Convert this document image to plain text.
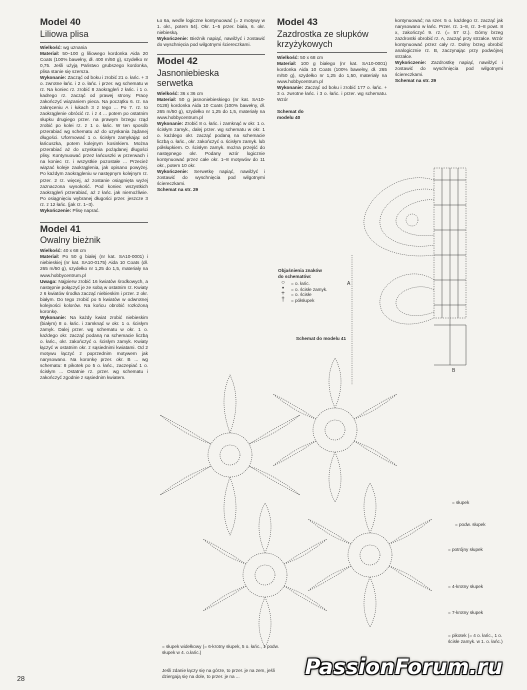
Model 40
Liliowa plisa

Wielkość: wg uznania

Materiał: 50–100 g liliowego kordonka Aida 20 Coats (100% bawełny, dł. 400 m/50 g), szydełko nr 0,75. Jeśli użyją Państwo grubszego kordonka, plisa stanie się szersza.

Wykonanie: Zacząć od boku i zrobić 21 o. łańc. + 3 o. zwrotne łańc. i 2 o. łańc. i przer. wg schematu w rz. Na koniec rz. zrobić 8 zaokrągleń z łańc. i 1 o. kadrego rz. zacząć od prawej strony. Pracę zakończyć wiązaniem pieca. Na początku 6. rz. na zakręceniu A i łukach 3 z tego ... Po 7. rz. to zaokrąglenie obrócić rz. i z 4 ... potem po ostatnim słupku drugiego przer. na prawym brzegu rząd zrobić po kolei rz. z 1 o. łańc. W ten sposób przerabiać wg schematu aż do uzyskania żądanej długości. Uformować 1 o. ścisłym zamykając od łańcuszka, potem kolejnym kosinkiem. Można przerabiać aż do uzyskania pożądanej długości plisy. Kontynuować przez łańcuszki w przerwach i na koniec rz. i wszystkie pozostałe ... Przecież wiązać koleje zaokrąglenia, jak opisano powyżej. Po każdym zaokrągleniu w następnym kolejnym rz. przer. 2 rz. więcej, aż zostanie osiągnięta wyżej zaznaczona wysokość. Pod koniec wszystkich zaokrągleń przerabiać, aż z łańc. jak niemożliwie. Po osiągnięciu wybranej długości przer. jeszcze 3 rz. z 12 łańc. (jak rz. 1–3).

Wykończenie: Plisę naprać.

Model 41
Owalny bieżnik

Wielkość: 40 x 68 cm

Materiał: Po 50 g białej (nr kat. SA10-0001) i niebieskiej (nr kat. SA10-0175) Aida 10 Coats (dł. 265 m/50 g), szydełko nr 1,25 do 1,5, materiały na www.hobbycentrum.pl

Uwaga: Najpierw zrobić 16 kwiatów środkowych, a następnie połączyć je ze sobą w ostatnim rz. Kwiaty z 6 kwiatów środka zacząć niebieskim i przer. 2 okr. białym. Do tego zrobić po 5 kwiatów w odwrotnej kolejności kolorów. Na końcu obrobić rozłożoną koronkę.

Wykonanie: Na każdy kwiat zrobić niebieskim (białym) 8 o. łańc. i zamknąć w okr. 1 o. ścisłym zamyk. Dalej przer. wg schematu w okr. 1 o. każdego okr. zacząć podaną na schemacie liczbą o. łańc., okr. zakończyć o. ścisłym zamyk. Kwiaty łączyć w ostatnim okr. z sąsiednimi kwiatami. Od 2 motywu łączyć z poprzednim motywem jak narysowano. Na koronkę przer. okr. B ... wg schematu: 8 pikotek po 5 o. łańc., zaczepiać 1 o. ścisłym ... Ostatnie rz. przer. wg schematu i zakończyć zgodnie z sąsiednim kwiatem.

Ło 6a, wedle logiczne kontynuować (= 2 motywy w 1. okr., potem 54). Okr. 1–5 przer. biała, 6. okr. niebieską.

Wykończenie: Bieżnik napiąć, nawilżyć i zostawić do wyschnięcia pod wilgotnymi ściereczkami.

Model 42
Jasnoniebieska
serwetka

Wielkość: 36 x 36 cm

Materiał: 50 g jasnoniebieskiego (nr kat. SA10-0128) kordonka Aida 10 Coats (100% bawełny, dł. 265 m/50 g), szydełko nr 1,25 do 1,5, materiały na www.hobbycentrum.pl

Wykonanie: Zrobić 8 o. łańc. i zamknąć w okr. 1 o. ścisłym zamyk., dalej przer. wg schematu w okr. 1 o. każdego okr. zacząć podaną na schemacie liczbą o. łańc., okr. zakończyć o. ścisłym zamyk. lub półsłupkiem. O. ścisłym zamyk. można przejść do następnego okr. Podany wzór logicznie kontynuować przez całe okr. 1–8 motywów do 11 okr., potem 10 okr.

Wykończenie: Serwetkę napiąć, nawilżyć i zostawić do wyschnięcia pod wilgotnymi ściereczkami.

Schemat na str. 29

Model 43
Zazdrostka ze słupków
krzyżykowych

Wielkość: 50 x 68 cm

Materiał: 100 g białego (nr kat. SA10-0001) kordonka Aida 10 Coats (100% bawełny, dł. 265 m/50 g), szydełko nr 1,25 do 1,50, materiały na www.hobbycentrum.pl

Wykonanie: Zacząć od boku i zrobić 177 o. łańc. + 3 o. zwrotne łańc. i 3 o. łańc. i przer. wg schematu. Wzór

Schemat do

modelu 40

kontynuować; na szer. 5 o. każdego rz. zacząć jak narysowano w łańc. Przer. rz. 1–8, rz. 3–8 powt. 8 x, zakończyć 9. rz. (= 57 rz.). Górny brzeg zazdrostki obrobić rz. A, zacząć przy strzałce. Wzór kontynuować przez cały rz. Dolny brzeg obrobić analogicznie rz. B, zaczynając przy podwójnej strzałce.

Wykończenie: Zazdrostkę napiąć, nawilżyć i zostawić do wyschnięcia pod wilgotnymi ściereczkami.

Schemat na str. 29

Objaśnienia znaków
do schematów:
○	= o. łańc.
•	= o. ścisłe zamyk.
+	= o. ścisłe
†	= półsłupek
Schemat do modelu 41
A
B
= słupek
= podw. słupek
= potrójny słupek
= 4-krotny słupek
= 7-krotny słupek
= pikotek (= 4 o. łańc., 1 o. ścisłe zamyk. w 1. o. łańc.)
= słupek widełkowy (= 6-krotny słupek, 5 o. łańc., 1 podw. słupek w 4. o.łańc.)
Jeśli zdanie łączy się na górze, to przer. je na zem, jeśli dziergają się na dole, to przer. je na ...
28
PassionForum.ru
